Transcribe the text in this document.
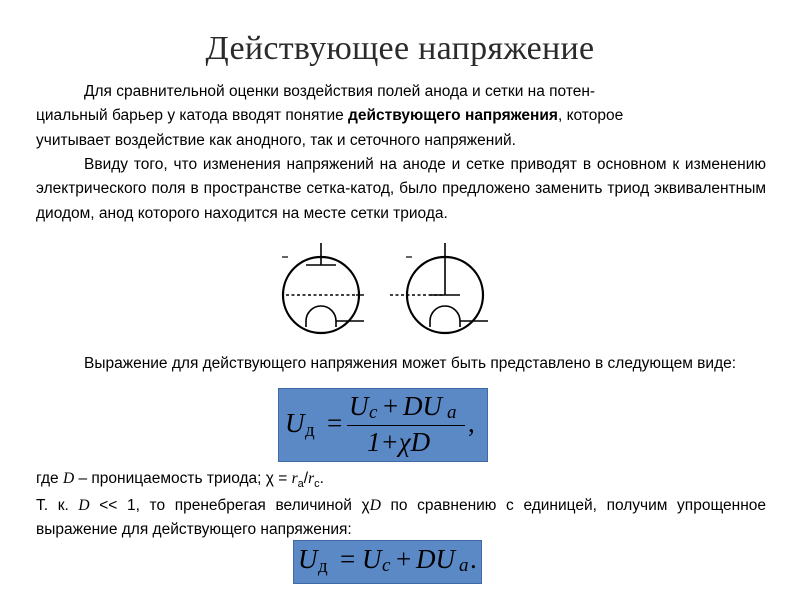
Действующее напряжение
Для сравнительной оценки воздействия полей анода и сетки на потен-
циальный барьер у катода вводят понятие действующего напряжения, которое
учитывает воздействие как анодного, так и сеточного напряжений.
Ввиду того, что изменения напряжений на аноде и сетке приводят в основном к изменению электрического поля в пространстве сетка-катод, было предложено заменить триод эквивалентным диодом, анод которого находится на месте сетки триода.
Выражение для действующего напряжения может быть представлено в следующем виде:
U д =
U c + DU a
1+χD
,
где D – проницаемость триода; $\chi = r_a/r_c$.
Т. к. D << 1, то пренебрегая величиной χD по сравнению с единицей, получим упрощенное выражение для действующего напряжения:
U д = U c + DU a .
